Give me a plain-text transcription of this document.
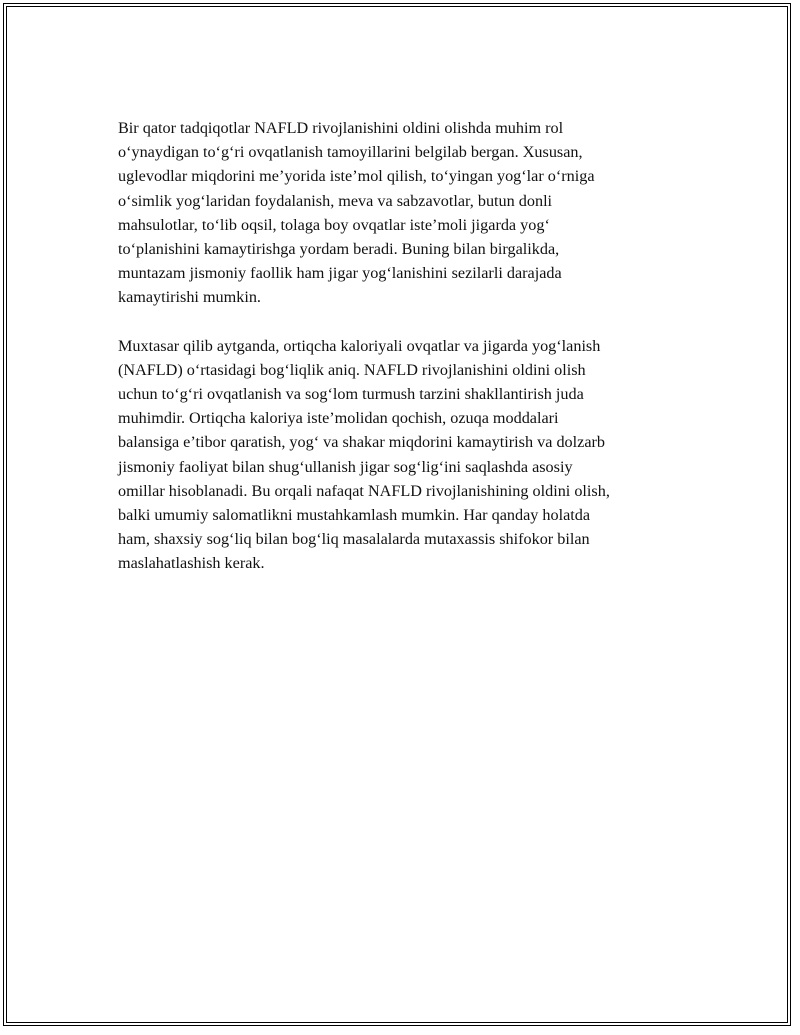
Bir qator tadqiqotlar NAFLD rivojlanishini oldini olishda muhim rol
o‘ynaydigan to‘g‘ri ovqatlanish tamoyillarini belgilab bergan. Xususan,
uglevodlar miqdorini me’yorida iste’mol qilish, to‘yingan yog‘lar o‘rniga
o‘simlik yog‘laridan foydalanish, meva va sabzavotlar, butun donli
mahsulotlar, to‘lib oqsil, tolaga boy ovqatlar iste’moli jigarda yog‘
to‘planishini kamaytirishga yordam beradi. Buning bilan birgalikda,
muntazam jismoniy faollik ham jigar yog‘lanishini sezilarli darajada
kamaytirishi mumkin.

Muxtasar qilib aytganda, ortiqcha kaloriyali ovqatlar va jigarda yog‘lanish
(NAFLD) o‘rtasidagi bog‘liqlik aniq. NAFLD rivojlanishini oldini olish
uchun to‘g‘ri ovqatlanish va sog‘lom turmush tarzini shakllantirish juda
muhimdir. Ortiqcha kaloriya iste’molidan qochish, ozuqa moddalari
balansiga e’tibor qaratish, yog‘ va shakar miqdorini kamaytirish va dolzarb
jismoniy faoliyat bilan shug‘ullanish jigar sog‘lig‘ini saqlashda asosiy
omillar hisoblanadi. Bu orqali nafaqat NAFLD rivojlanishining oldini olish,
balki umumiy salomatlikni mustahkamlash mumkin. Har qanday holatda
ham, shaxsiy sog‘liq bilan bog‘liq masalalarda mutaxassis shifokor bilan
maslahatlashish kerak.
